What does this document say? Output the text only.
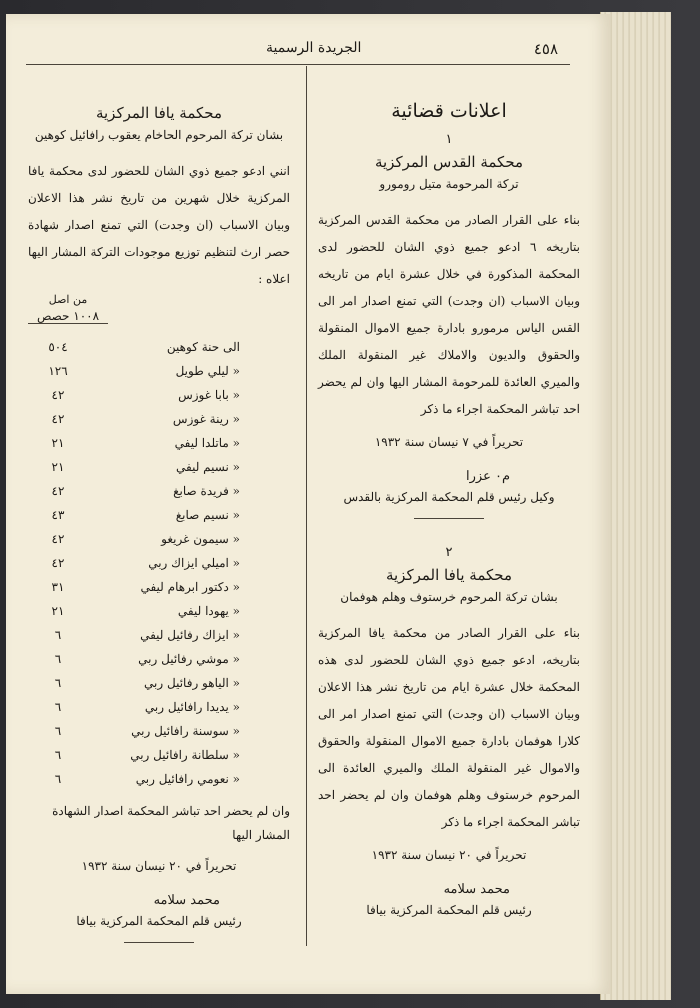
٤٥٨
الجريدة الرسمية
اعلانات قضائية
١
محكمة القدس المركزية
تركة المرحومة متيل رومورو

بناء على القرار الصادر من محكمة القدس المركزية بتاريخه ٦ ادعو جميع ذوي الشان للحضور لدى المحكمة المذكورة في خلال عشرة ايام من تاريخه وبيان الاسباب (ان وجدت) التي تمنع اصدار امر الى القس الياس مرمورو بادارة جميع الاموال المنقولة والحقوق والديون والاملاك غير المنقولة الملك والميري العائدة للمرحومة المشار اليها وان لم يحضر احد تباشر المحكمة اجراء ما ذكر

تحريراً في ٧ نيسان سنة ١٩٣٢
م٠ عزرا
وكيل رئيس قلم المحكمة المركزية بالقدس
٢
محكمة يافا المركزية
بشان تركة المرحوم خرستوف وهلم هوفمان

بناء على القرار الصادر من محكمة يافا المركزية بتاريخه، ادعو جميع ذوي الشان للحضور لدى هذه المحكمة خلال عشرة ايام من تاريخ نشر هذا الاعلان وبيان الاسباب (ان وجدت) التي تمنع اصدار امر الى كلارا هوفمان بادارة جميع الاموال المنقولة والحقوق والاموال غير المنقولة الملك والميري العائدة الى المرحوم خرستوف وهلم هوفمان وان لم يحضر احد تباشر المحكمة اجراء ما ذكر

تحريراً في ٢٠ نيسان سنة ١٩٣٢
محمد سلامه
رئيس قلم المحكمة المركزية بيافا
محكمة يافا المركزية
بشان تركة المرحوم الحاخام يعقوب رافائيل كوهين

انني ادعو جميع ذوي الشان للحضور لدى محكمة يافا المركزية خلال شهرين من تاريخ نشر هذا الاعلان وبيان الاسباب (ان وجدت) التي تمنع اصدار شهادة حصر ارث لتنظيم توزيع موجودات التركة المشار اليها اعلاه :

من اصل
١٠٠٨ حصص
الى حنة كوهين
٥٠٤
« ليلي طويل
١٢٦
« بابا غوزس
٤٢
« رينة غوزس
٤٢
« ماتلدا ليفي
٢١
« نسيم ليفي
٢١
« فريدة صابغ
٤٢
« نسيم صابغ
٤٣
« سيمون غريغو
٤٢
« اميلي ايزاك ربي
٤٢
« دكتور ابرهام ليفي
٣١
« يهودا ليفي
٢١
« ايزاك رفائيل ليفي
٦
« موشي رفائيل ربي
٦
« الياهو رفائيل ربي
٦
« يديدا رافائيل ربي
٦
« سوسنة رافائيل ربي
٦
« سلطانة رافائيل ربي
٦
« نعومي رافائيل ربي
٦

وان لم يحضر احد تباشر المحكمة اصدار الشهادة المشار اليها

تحريراً في ٢٠ نيسان سنة ١٩٣٢
محمد سلامه
رئيس قلم المحكمة المركزية بيافا
